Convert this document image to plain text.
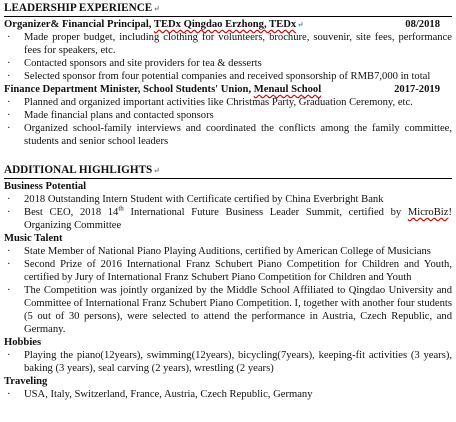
LEADERSHIP EXPERIENCE↵
Organizer& Financial Principal, TEDx Qingdao Erzhong, TEDx↵	08/2018
·	Made proper budget, including clothing for volunteers, brochure, souvenir, site fees, performance fees for speakers, etc.
·	Contacted sponsors and site providers for tea & desserts
·	Selected sponsor from four potential companies and received sponsorship of RMB7,000 in total
Finance Department Minister, School Students' Union, Menaul School	2017-2019
·	Planned and organized important activities like Christmas Party, Graduation Ceremony, etc.
·	Made financial plans and contacted sponsors
·	Organized school-family interviews and coordinated the conflicts among the family committee, students and senior school leaders
ADDITIONAL HIGHLIGHTS↵
Business Potential
·	2018 Outstanding Intern Student with Certificate certified by China Everbright Bank
·	Best CEO, 2018 14th International Future Business Leader Summit, certified by MicroBiz! Organizing Committee
Music Talent
·	State Member of National Piano Playing Auditions, certified by American College of Musicians
·	Second Prize of 2016 International Franz Schubert Piano Competition for Children and Youth, certified by Jury of International Franz Schubert Piano Competition for Children and Youth
·	The Competition was jointly organized by the Middle School Affiliated to Qingdao University and Committee of International Franz Schubert Piano Competition. I, together with another four students (5 out of 30 persons), were selected to attend the performance in Austria, Czech Republic, and Germany.
Hobbies
·	Playing the piano(12years), swimming(12years), bicycling(7years), keeping-fit activities (3 years), baking (3 years), seal carving (2 years), wrestling (2 years)
Traveling
·	USA, Italy, Switzerland, France, Austria, Czech Republic, Germany
